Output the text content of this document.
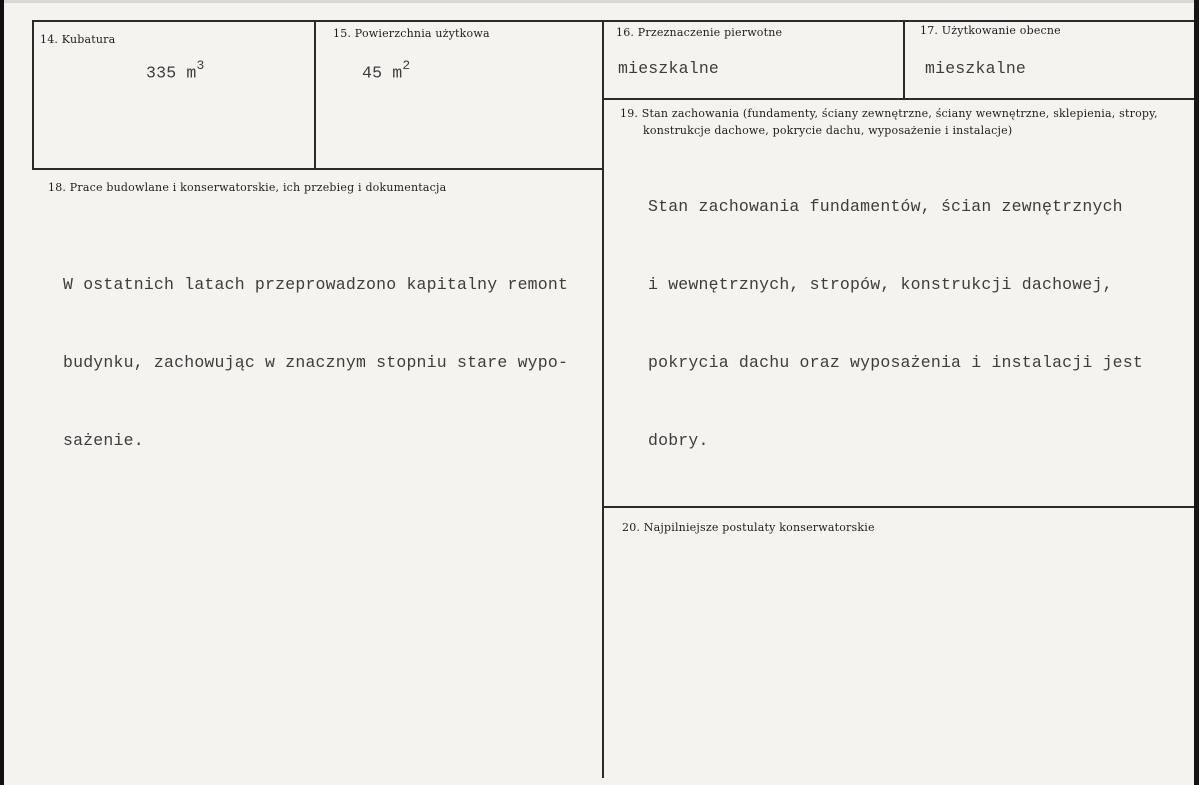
14. Kubatura
335 $m^3$
15. Powierzchnia użytkowa
45 $m^2$
16. Przeznaczenie pierwotne
mieszkalne
17. Użytkowanie obecne
mieszkalne
18. Prace budowlane i konserwatorskie, ich przebieg i dokumentacja

W ostatnich latach przeprowadzono kapitalny remont

budynku, zachowując w znacznym stopniu stare wypo-

sażenie.

19. Stan zachowania (fundamenty, ściany zewnętrzne, ściany wewnętrzne, sklepienia, stropy,
konstrukcje dachowe, pokrycie dachu, wyposażenie i instalacje)

Stan zachowania fundamentów, ścian zewnętrznych

i wewnętrznych, stropów, konstrukcji dachowej,

pokrycia dachu oraz wyposażenia i instalacji jest

dobry.

20. Najpilniejsze postulaty konserwatorskie
